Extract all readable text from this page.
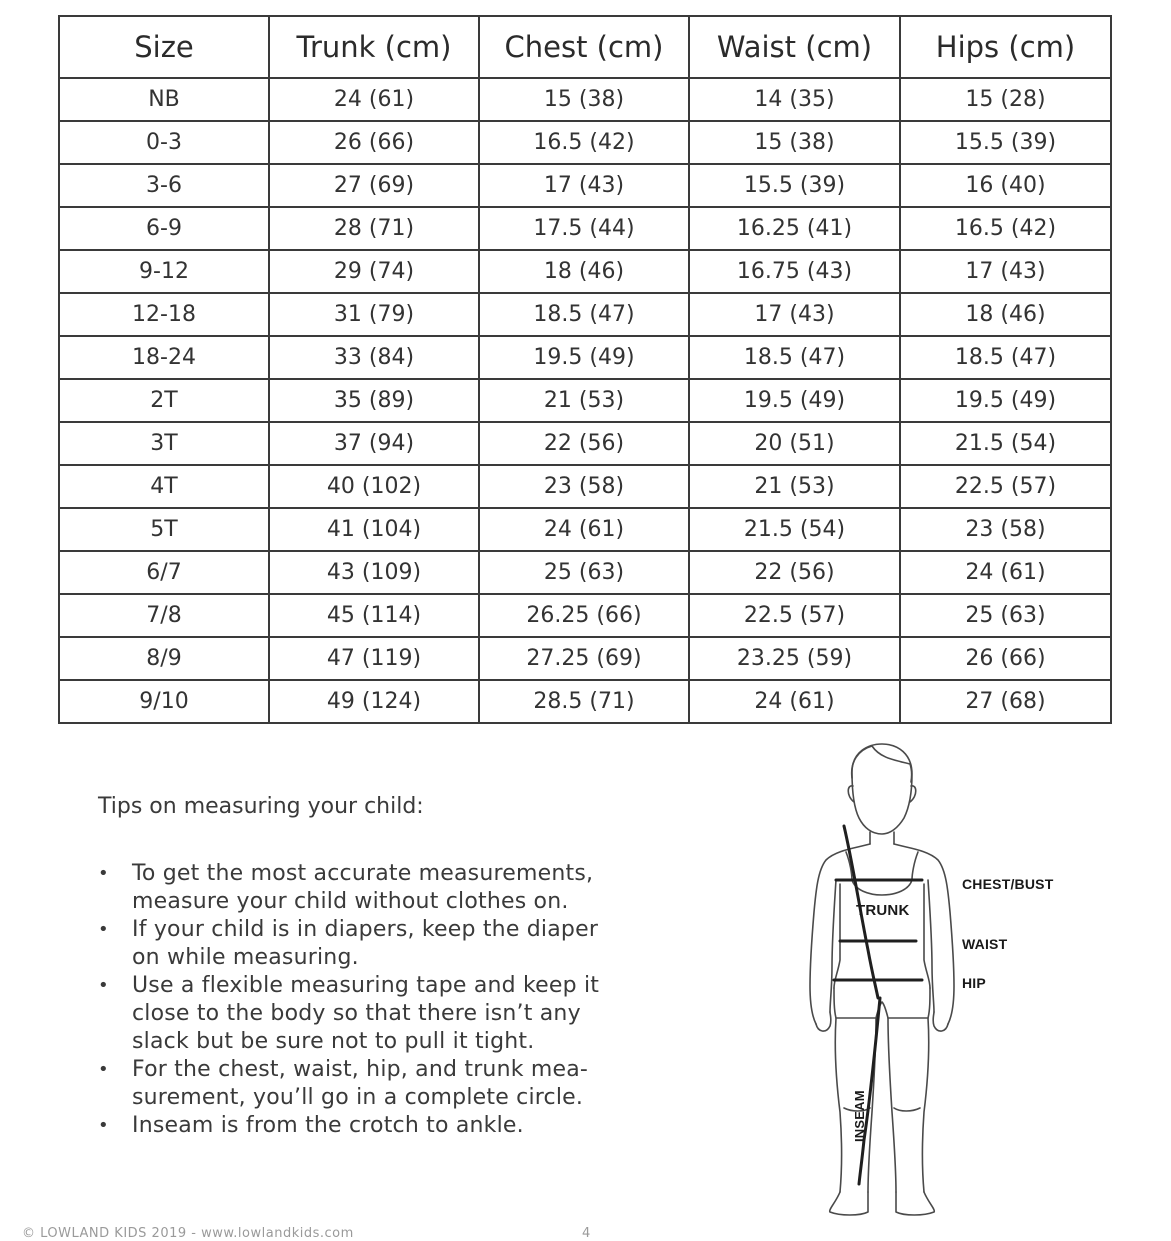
Size	Trunk (cm)	Chest (cm)	Waist (cm)	Hips (cm)
NB	24 (61)	15 (38)	14 (35)	15 (28)
0-3	26 (66)	16.5 (42)	15 (38)	15.5 (39)
3-6	27 (69)	17 (43)	15.5 (39)	16 (40)
6-9	28 (71)	17.5 (44)	16.25 (41)	16.5 (42)
9-12	29 (74)	18 (46)	16.75 (43)	17 (43)
12-18	31 (79)	18.5 (47)	17 (43)	18 (46)
18-24	33 (84)	19.5 (49)	18.5 (47)	18.5 (47)
2T	35 (89)	21 (53)	19.5 (49)	19.5 (49)
3T	37 (94)	22 (56)	20 (51)	21.5 (54)
4T	40 (102)	23 (58)	21 (53)	22.5 (57)
5T	41 (104)	24 (61)	21.5 (54)	23 (58)
6/7	43 (109)	25 (63)	22 (56)	24 (61)
7/8	45 (114)	26.25 (66)	22.5 (57)	25 (63)
8/9	47 (119)	27.25 (69)	23.25 (59)	26 (66)
9/10	49 (124)	28.5 (71)	24 (61)	27 (68)

Tips on measuring your child:

•	To get the most accurate measurements,
measure your child without clothes on.
•	If your child is in diapers, keep the diaper
on while measuring.
•	Use a flexible measuring tape and keep it
close to the body so that there isn’t any
slack but be sure not to pull it tight.
•	For the chest, waist, hip, and trunk mea-
surement, you’ll go in a complete circle.
•	Inseam is from the crotch to ankle.
TRUNK
CHEST/BUST
WAIST
HIP
INSEAM
© LOWLAND KIDS 2019 - www.lowlandkids.com	4
